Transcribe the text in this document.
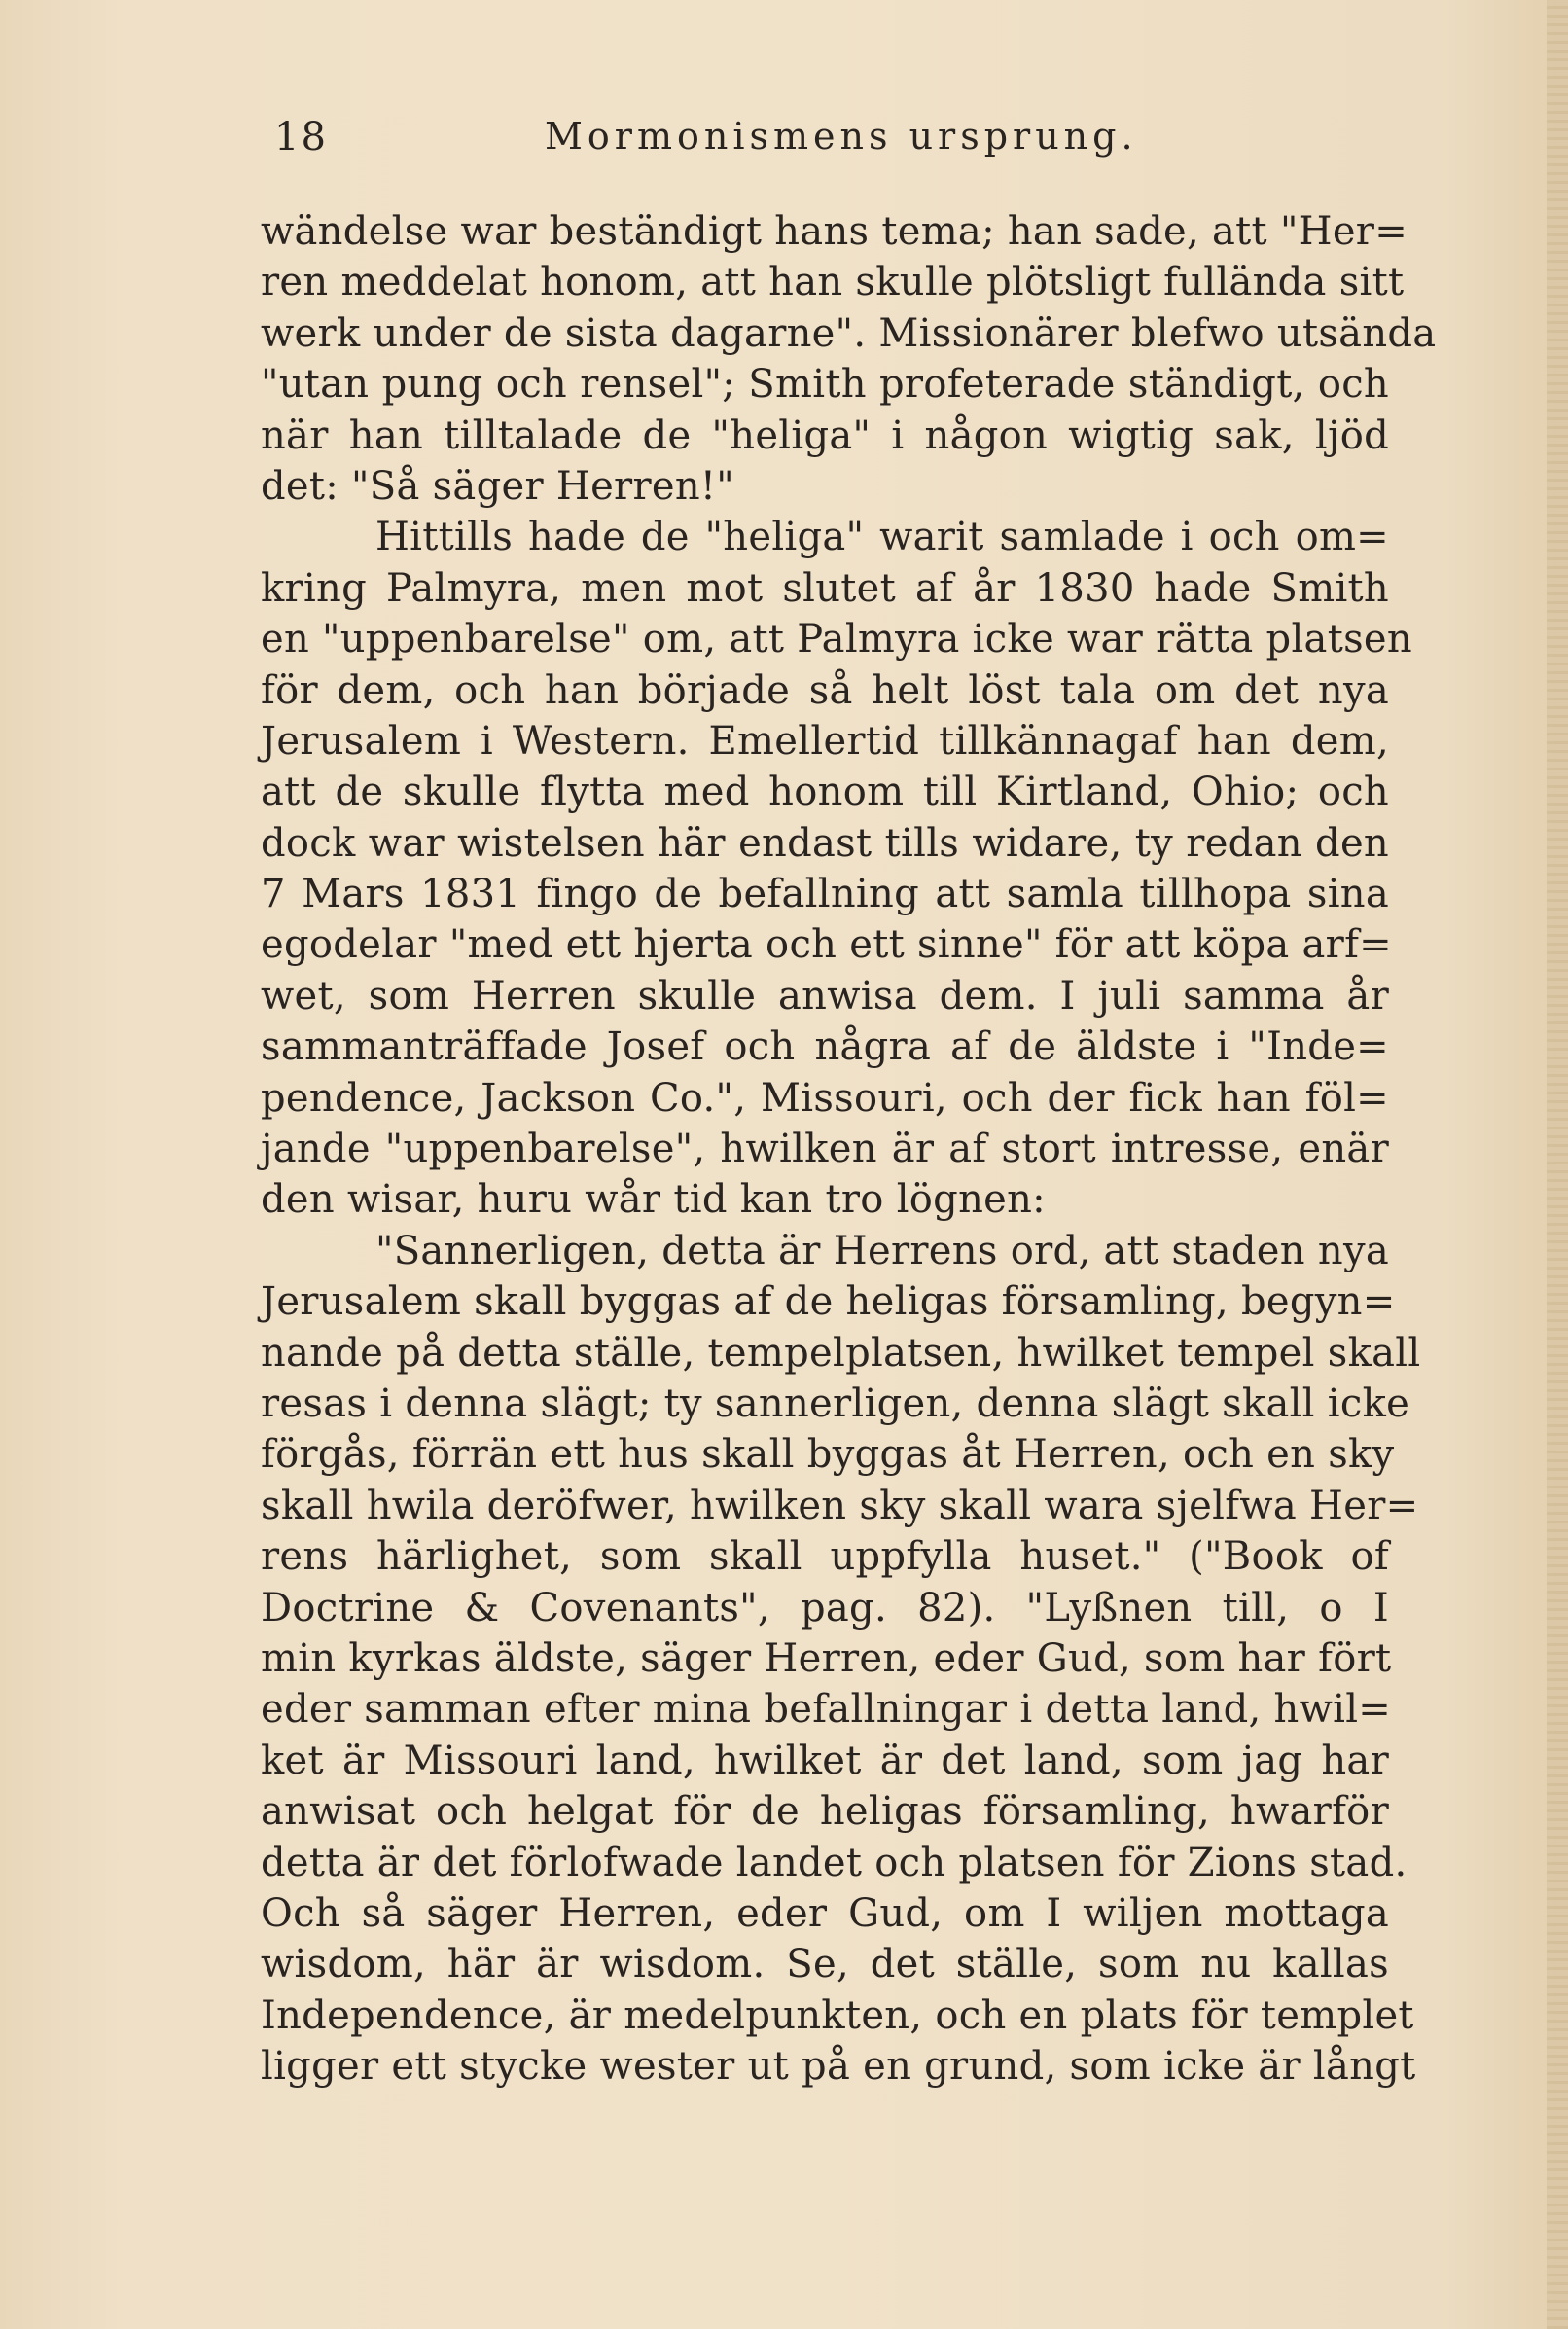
18	Mormonismens ursprung.
wändelse war beständigt hans tema; han sade, att "Her=
ren meddelat honom, att han skulle plötsligt fullända sitt
werk under de sista dagarne". Missionärer blefwo utsända
"utan pung och rensel"; Smith profeterade ständigt, och
när han tilltalade de "heliga" i någon wigtig sak, ljöd
det: "Så säger Herren!"
Hittills hade de "heliga" warit samlade i och om=
kring Palmyra, men mot slutet af år 1830 hade Smith
en "uppenbarelse" om, att Palmyra icke war rätta platsen
för dem, och han började så helt löst tala om det nya
Jerusalem i Western. Emellertid tillkännagaf han dem,
att de skulle flytta med honom till Kirtland, Ohio; och
dock war wistelsen här endast tills widare, ty redan den
7 Mars 1831 fingo de befallning att samla tillhopa sina
egodelar "med ett hjerta och ett sinne" för att köpa arf=
wet, som Herren skulle anwisa dem. I juli samma år
sammanträffade Josef och några af de äldste i "Inde=
pendence, Jackson Co.", Missouri, och der fick han föl=
jande "uppenbarelse", hwilken är af stort intresse, enär
den wisar, huru wår tid kan tro lögnen:
"Sannerligen, detta är Herrens ord, att staden nya
Jerusalem skall byggas af de heligas församling, begyn=
nande på detta ställe, tempelplatsen, hwilket tempel skall
resas i denna slägt; ty sannerligen, denna slägt skall icke
förgås, förrän ett hus skall byggas åt Herren, och en sky
skall hwila deröfwer, hwilken sky skall wara sjelfwa Her=
rens härlighet, som skall uppfylla huset." ("Book of
Doctrine & Covenants", pag. 82). "Lyßnen till, o I
min kyrkas äldste, säger Herren, eder Gud, som har fört
eder samman efter mina befallningar i detta land, hwil=
ket är Missouri land, hwilket är det land, som jag har
anwisat och helgat för de heligas församling, hwarför
detta är det förlofwade landet och platsen för Zions stad.
Och så säger Herren, eder Gud, om I wiljen mottaga
wisdom, här är wisdom. Se, det ställe, som nu kallas
Independence, är medelpunkten, och en plats för templet
ligger ett stycke wester ut på en grund, som icke är långt
